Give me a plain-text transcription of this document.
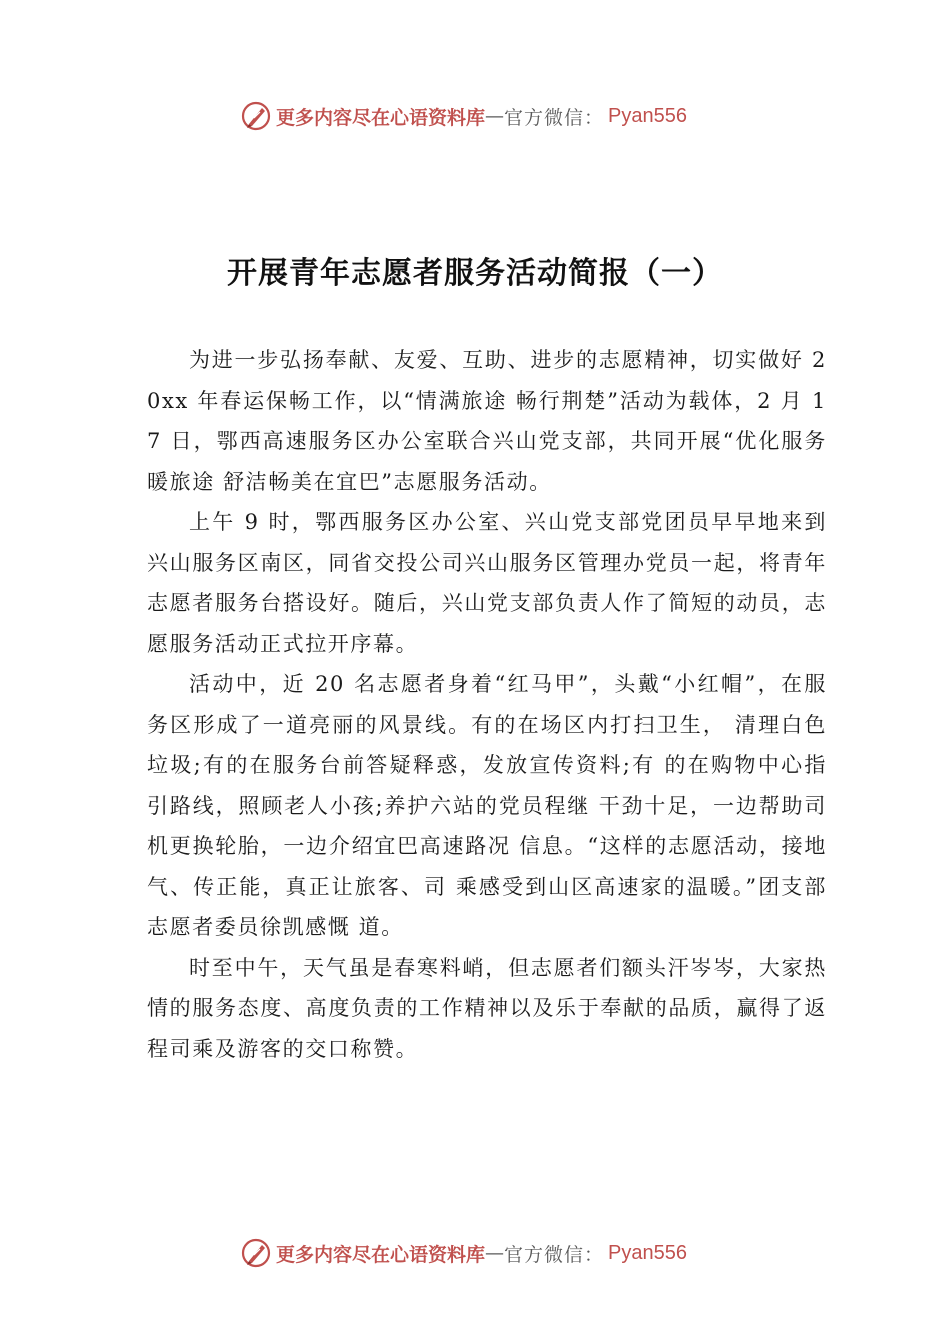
更多内容尽在心语资料库 — 官方微信： Pyan556
开展青年志愿者服务活动简报（一）

为进一步弘扬奉献、友爱、互助、进步的志愿精神，切实做好 20xx 年春运保畅工作，以“情满旅途 畅行荆楚”活动为载体，2 月 17 日，鄂西高速服务区办公室联合兴山党支部，共同开展“优化服务暖旅途 舒洁畅美在宜巴”志愿服务活动。

上午 9 时，鄂西服务区办公室、兴山党支部党团员早早地来到兴山服务区南区，同省交投公司兴山服务区管理办党员一起，将青年志愿者服务台搭设好。随后，兴山党支部负责人作了简短的动员，志愿服务活动正式拉开序幕。

活动中，近 20 名志愿者身着“红马甲”，头戴“小红帽”，在服务区形成了一道亮丽的风景线。有的在场区内打扫卫生， 清理白色垃圾;有的在服务台前答疑释惑，发放宣传资料;有 的在购物中心指引路线，照顾老人小孩;养护六站的党员程继 干劲十足，一边帮助司机更换轮胎，一边介绍宜巴高速路况 信息。“这样的志愿活动，接地气、传正能，真正让旅客、司 乘感受到山区高速家的温暖。”团支部志愿者委员徐凯感慨 道。

时至中午，天气虽是春寒料峭，但志愿者们额头汗岑岑，大家热情的服务态度、高度负责的工作精神以及乐于奉献的品质，赢得了返程司乘及游客的交口称赞。

更多内容尽在心语资料库 — 官方微信： Pyan556
